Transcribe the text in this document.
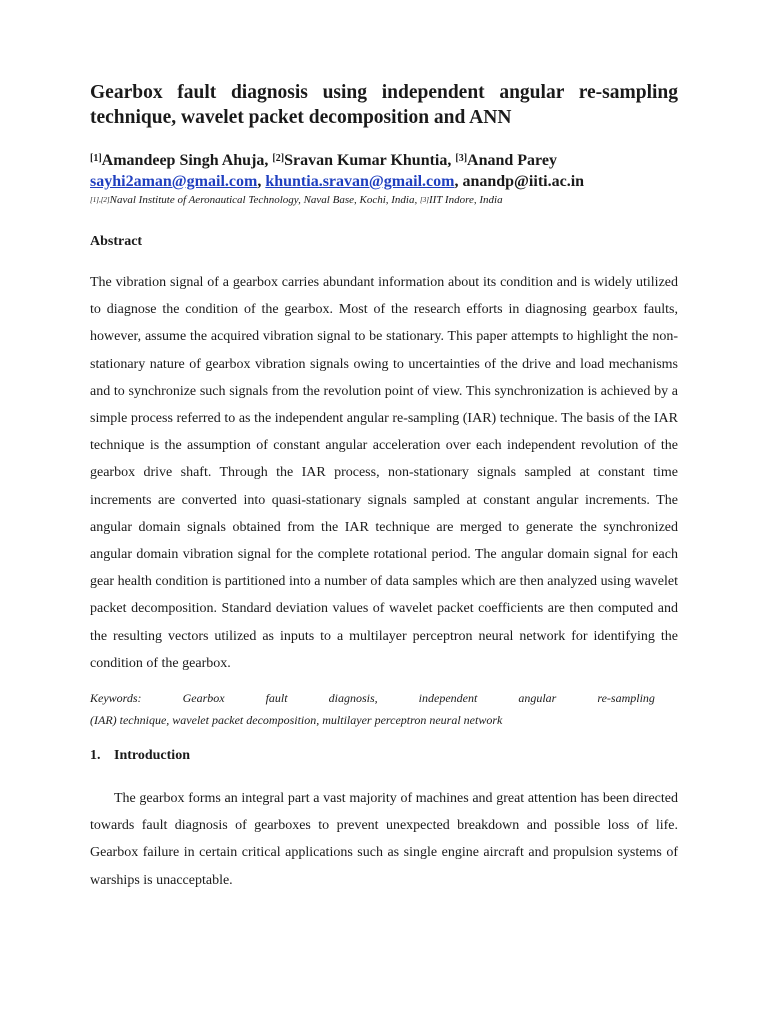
Gearbox fault diagnosis using independent angular re-sampling technique, wavelet packet decomposition and ANN
[1]Amandeep Singh Ahuja, [2]Sravan Kumar Khuntia, [3]Anand Parey
sayhi2aman@gmail.com, khuntia.sravan@gmail.com, anandp@iiti.ac.in
[1],[2]Naval Institute of Aeronautical Technology, Naval Base, Kochi, India, [3]IIT Indore, India
Abstract

The vibration signal of a gearbox carries abundant information about its condition and is widely utilized to diagnose the condition of the gearbox. Most of the research efforts in diagnosing gearbox faults, however, assume the acquired vibration signal to be stationary. This paper attempts to highlight the non-stationary nature of gearbox vibration signals owing to uncertainties of the drive and load mechanisms and to synchronize such signals from the revolution point of view. This synchronization is achieved by a simple process referred to as the independent angular re-sampling (IAR) technique. The basis of the IAR technique is the assumption of constant angular acceleration over each independent revolution of the gearbox drive shaft. Through the IAR process, non-stationary signals sampled at constant time increments are converted into quasi-stationary signals sampled at constant angular increments. The angular domain signals obtained from the IAR technique are merged to generate the synchronized angular domain vibration signal for the complete rotational period. The angular domain signal for each gear health condition is partitioned into a number of data samples which are then analyzed using wavelet packet decomposition. Standard deviation values of wavelet packet coefficients are then computed and the resulting vectors utilized as inputs to a multilayer perceptron neural network for identifying the condition of the gearbox.

Keywords:	Gearbox	fault	diagnosis,	independent	angular	re-sampling
(IAR) technique, wavelet packet decomposition, multilayer perceptron neural network
1. Introduction

The gearbox forms an integral part a vast majority of machines and great attention has been directed towards fault diagnosis of gearboxes to prevent unexpected breakdown and possible loss of life. Gearbox failure in certain critical applications such as single engine aircraft and propulsion systems of warships is unacceptable.
